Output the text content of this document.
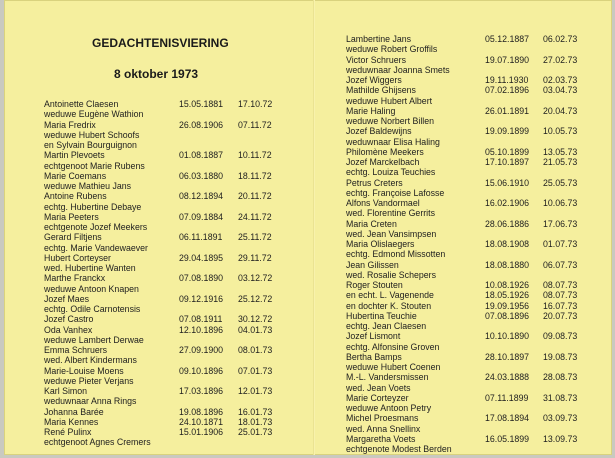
GEDACHTENISVIERING
8 oktober 1973
Antoinette Claesen	15.05.1881 17.10.72
weduwe Eugène Wathion
Maria Fredrix	26.08.1906 07.11.72
weduwe Hubert Schoofs
en Sylvain Bourguignon
Martin Plevoets	01.08.1887 10.11.72
echtgenoot Marie Rubens
Marie Coemans	06.03.1880 18.11.72
weduwe Mathieu Jans
Antoine Rubens	08.12.1894 20.11.72
echtg. Hubertine Debaye
Maria Peeters	07.09.1884 24.11.72
echtgenote Jozef Meekers
Gerard Filtjens	06.11.1891 25.11.72
echtg. Marie Vandewaever
Hubert Corteyser	29.04.1895 29.11.72
wed. Hubertine Wanten
Marthe Franckx	07.08.1890 03.12.72
weduwe Antoon Knapen
Jozef Maes	09.12.1916 25.12.72
echtg. Odile Carnotensis
Jozef Castro	07.08.1911 30.12.72
Oda Vanhex	12.10.1896 04.01.73
weduwe Lambert Derwae
Emma Schruers	27.09.1900 08.01.73
wed. Albert Kindermans
Marie-Louise Moens	09.10.1896 07.01.73
weduwe Pieter Verjans
Karl Simon	17.03.1896 12.01.73
weduwnaar Anna Rings
Johanna Barée	19.08.1896 16.01.73
Maria Kennes	24.10.1871 18.01.73
René Pulinx	15.01.1906 25.01.73
echtgenoot Agnes Cremers
Lambertine Jans	05.12.1887 06.02.73
weduwe Robert Groffils
Victor Schruers	19.07.1890 27.02.73
weduwnaar Joanna Smets
Jozef Wiggers	19.11.1930 02.03.73
Mathilde Ghijsens	07.02.1896 03.04.73
weduwe Hubert Albert
Marie Haling	26.01.1891 20.04.73
weduwe Norbert Billen
Jozef Baldewijns	19.09.1899 10.05.73
weduwnaar Elisa Haling
Philomène Meekers	05.10.1899 13.05.73
Jozef Marckelbach	17.10.1897 21.05.73
echtg. Louiza Teuchies
Petrus Creters	15.06.1910 25.05.73
echtg. Françoise Lafosse
Alfons Vandormael	16.02.1906 10.06.73
wed. Florentine Gerrits
Maria Creten	28.06.1886 17.06.73
wed. Jean Vansimpsen
Maria Olislaegers	18.08.1908 01.07.73
echtg. Edmond Missotten
Jean Gilissen	18.08.1880 06.07.73
wed. Rosalie Schepers
Roger Stouten	10.08.1926 08.07.73
en echt. L. Vagenende	18.05.1926 08.07.73
en dochter K. Stouten	19.09.1956 16.07.73
Hubertina Teuchie	07.08.1896 20.07.73
echtg. Jean Claesen
Jozef Lismont	10.10.1890 09.08.73
echtg. Alfonsine Groven
Bertha Bamps	28.10.1897 19.08.73
weduwe Hubert Coenen
M.-L. Vandersmissen	24.03.1888 28.08.73
wed. Jean Voets
Marie Corteyzer	07.11.1899 31.08.73
weduwe Antoon Petry
Michel Proesmans	17.08.1894 03.09.73
wed. Anna Snellinx
Margaretha Voets	16.05.1899 13.09.73
echtgenote Modest Berden
